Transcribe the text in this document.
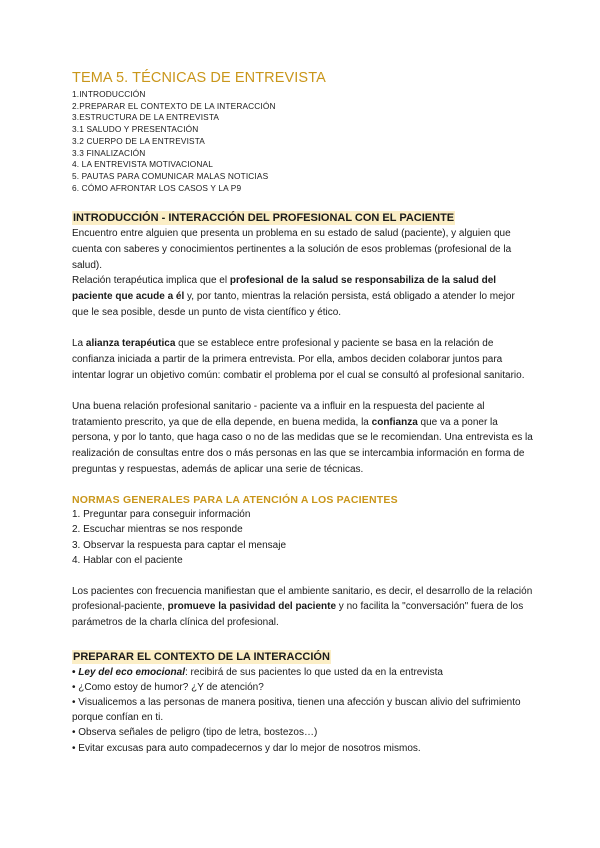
TEMA 5. TÉCNICAS DE ENTREVISTA
1.INTRODUCCIÓN
2.PREPARAR EL CONTEXTO DE LA INTERACCIÓN
3.ESTRUCTURA DE LA ENTREVISTA
3.1 SALUDO Y PRESENTACIÓN
3.2 CUERPO DE LA ENTREVISTA
3.3 FINALIZACIÓN
4. LA ENTREVISTA MOTIVACIONAL
5. PAUTAS PARA COMUNICAR MALAS NOTICIAS
6. CÓMO AFRONTAR LOS CASOS Y LA P9
INTRODUCCIÓN - INTERACCIÓN DEL PROFESIONAL CON EL PACIENTE

Encuentro entre alguien que presenta un problema en su estado de salud (paciente), y alguien que cuenta con saberes y conocimientos pertinentes a la solución de esos problemas (profesional de la salud).

Relación terapéutica implica que el profesional de la salud se responsabiliza de la salud del paciente que acude a él y, por tanto, mientras la relación persista, está obligado a atender lo mejor que le sea posible, desde un punto de vista científico y ético.

La alianza terapéutica que se establece entre profesional y paciente se basa en la relación de confianza iniciada a partir de la primera entrevista. Por ella, ambos deciden colaborar juntos para intentar lograr un objetivo común: combatir el problema por el cual se consultó al profesional sanitario.

Una buena relación profesional sanitario - paciente va a influir en la respuesta del paciente al tratamiento prescrito, ya que de ella depende, en buena medida, la confianza que va a poner la persona, y por lo tanto, que haga caso o no de las medidas que se le recomiendan. Una entrevista es la realización de consultas entre dos o más personas en las que se intercambia información en forma de preguntas y respuestas, además de aplicar una serie de técnicas.

NORMAS GENERALES PARA LA ATENCIÓN A LOS PACIENTES
1. Preguntar para conseguir información
2. Escuchar mientras se nos responde
3. Observar la respuesta para captar el mensaje
4. Hablar con el paciente

Los pacientes con frecuencia manifiestan que el ambiente sanitario, es decir, el desarrollo de la relación profesional-paciente, promueve la pasividad del paciente y no facilita la "conversación" fuera de los parámetros de la charla clínica del profesional.

PREPARAR EL CONTEXTO DE LA INTERACCIÓN
• Ley del eco emocional: recibirá de sus pacientes lo que usted da en la entrevista
• ¿Como estoy de humor? ¿Y de atención?
• Visualicemos a las personas de manera positiva, tienen una afección y buscan alivio del sufrimiento porque confían en ti.
• Observa señales de peligro (tipo de letra, bostezos…)
• Evitar excusas para auto compadecernos y dar lo mejor de nosotros mismos.
